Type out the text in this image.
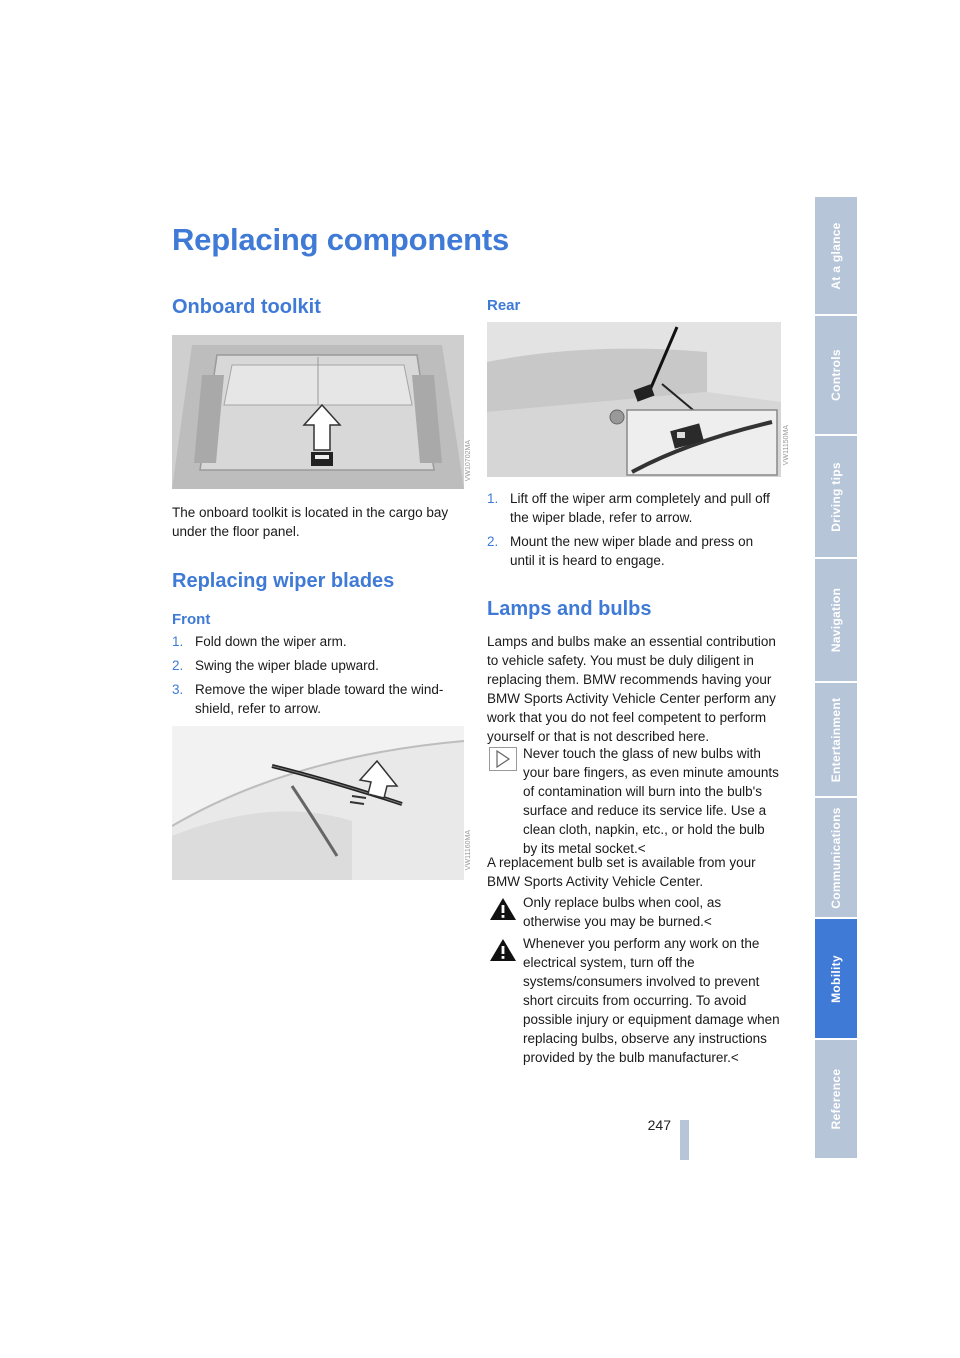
Replacing components
Onboard toolkit
VW10702MA

The onboard toolkit is located in the cargo bay under the floor panel.

Replacing wiper blades
Front
1. Fold down the wiper arm.
2. Swing the wiper blade upward.
3. Remove the wiper blade toward the wind-shield, refer to arrow.
VW11160MA
Rear
VW11150MA
1. Lift off the wiper arm completely and pull off the wiper blade, refer to arrow.
2. Mount the new wiper blade and press on until it is heard to engage.
Lamps and bulbs

Lamps and bulbs make an essential contribution to vehicle safety. You must be duly diligent in replacing them. BMW recommends having your BMW Sports Activity Vehicle Center perform any work that you do not feel competent to perform yourself or that is not described here.

Never touch the glass of new bulbs with your bare fingers, as even minute amounts of contamination will burn into the bulb's surface and reduce its service life. Use a clean cloth, napkin, etc., or hold the bulb by its metal socket.<

A replacement bulb set is available from your BMW Sports Activity Vehicle Center.

Only replace bulbs when cool, as otherwise you may be burned.<

Whenever you perform any work on the electrical system, turn off the systems/consumers involved to prevent short circuits from occurring. To avoid possible injury or equipment damage when replacing bulbs, observe any instructions provided by the bulb manufacturer.<

At a glance
Controls
Driving tips
Navigation
Entertainment
Communications
Mobility
Reference
247
